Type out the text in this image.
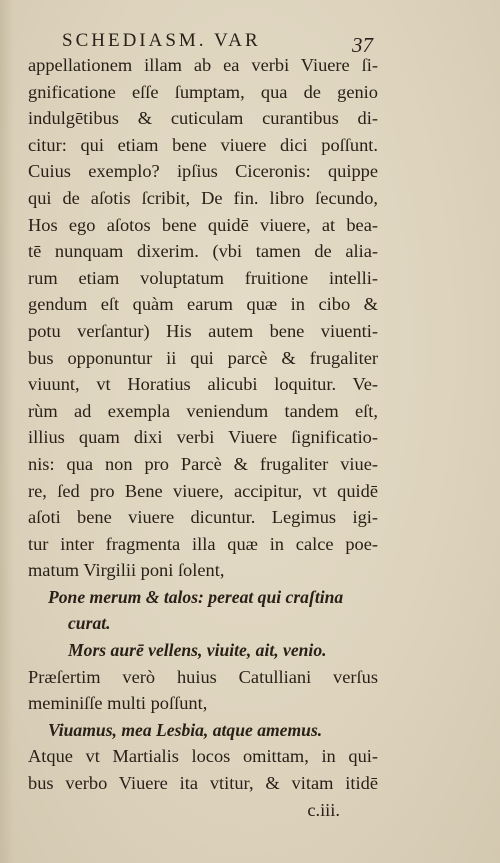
SCHEDIASM. VAR	37
appellationem illam ab ea verbi Viuere ſi-
gnificatione eſſe ſumptam, qua de genio
indulgētibus & cuticulam curantibus di-
citur: qui etiam bene viuere dici poſſunt.
Cuius exemplo? ipſius Ciceronis: quippe
qui de aſotis ſcribit, De fin. libro ſecundo,
Hos ego aſotos bene quidē viuere, at bea-
tē nunquam dixerim. (vbi tamen de alia-
rum etiam voluptatum fruitione intelli-
gendum eſt quàm earum quæ in cibo &
potu verſantur) His autem bene viuenti-
bus opponuntur ii qui parcè & frugaliter
viuunt, vt Horatius alicubi loquitur. Ve-
rùm ad exempla veniendum tandem eſt,
illius quam dixi verbi Viuere ſignificatio-
nis: qua non pro Parcè & frugaliter viue-
re, ſed pro Bene viuere, accipitur, vt quidē
aſoti bene viuere dicuntur. Legimus igi-
tur inter fragmenta illa quæ in calce poe-
matum Virgilii poni ſolent,
Pone merum & talos: pereat qui craſtina
curat.
Mors aurē vellens, viuite, ait, venio.
Præſertim verò huius Catulliani verſus
meminiſſe multi poſſunt,
Viuamus, mea Lesbia, atque amemus.
Atque vt Martialis locos omittam, in qui-
bus verbo Viuere ita vtitur, & vitam itidē
c.iii.
